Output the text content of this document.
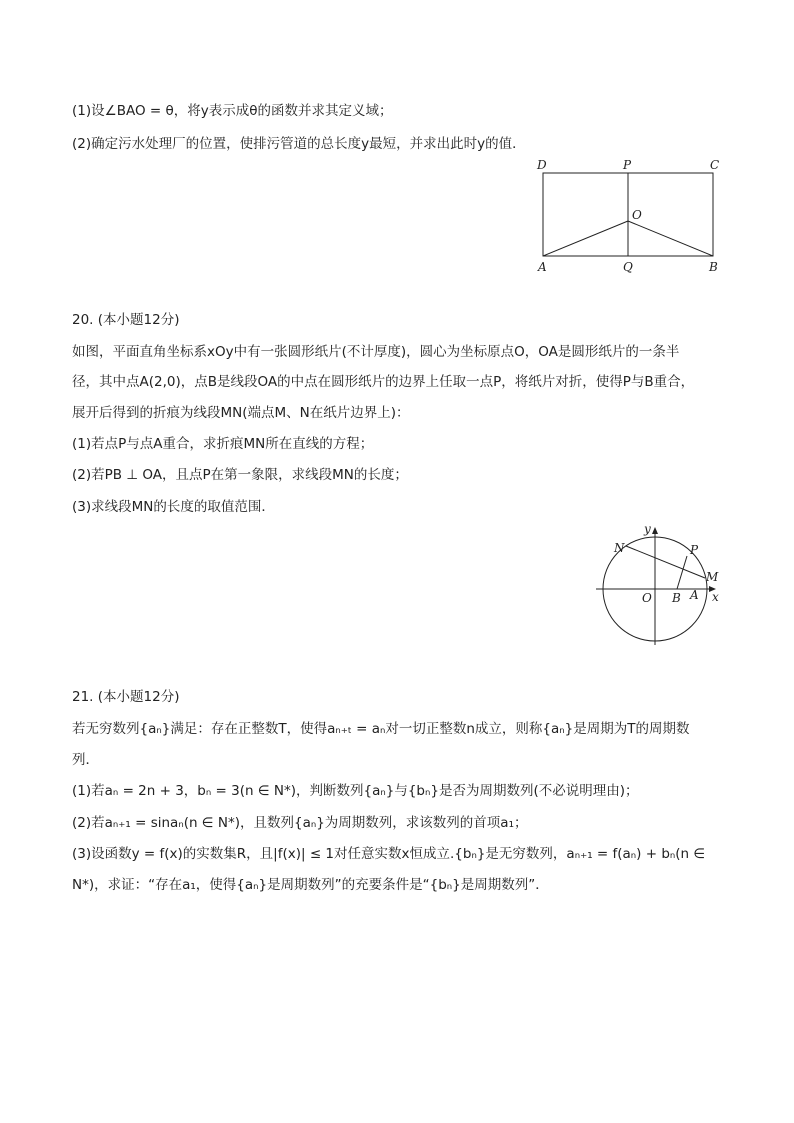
(1)设∠BAO = θ，将y表示成θ的函数并求其定义域；
(2)确定污水处理厂的位置，使排污管道的总长度y最短，并求出此时y的值．
D	P	C
O
A	Q	B
20. (本小题12分)
如图，平面直角坐标系xOy中有一张圆形纸片(不计厚度)，圆心为坐标原点O，OA是圆形纸片的一条半
径，其中点A(2,0)，点B是线段OA的中点在圆形纸片的边界上任取一点P，将纸片对折，使得P与B重合，
展开后得到的折痕为线段MN(端点M、N在纸片边界上)：
(1)若点P与点A重合，求折痕MN所在直线的方程；
(2)若PB ⊥ OA，且点P在第一象限，求线段MN的长度；
(3)求线段MN的长度的取值范围．
y
x
N	P
M
O B A
21. (本小题12分)
若无穷数列{aₙ}满足：存在正整数T，使得aₙ₊ₜ = aₙ对一切正整数n成立，则称{aₙ}是周期为T的周期数
列．
(1)若aₙ = 2n + 3，bₙ = 3(n ∈ N*)，判断数列{aₙ}与{bₙ}是否为周期数列(不必说明理由)；
(2)若aₙ₊₁ = sinaₙ(n ∈ N*)，且数列{aₙ}为周期数列，求该数列的首项a₁；
(3)设函数y = f(x)的实数集R，且|f(x)| ≤ 1对任意实数x恒成立.{bₙ}是无穷数列，aₙ₊₁ = f(aₙ) + bₙ(n ∈
N*)，求证：“存在a₁，使得{aₙ}是周期数列”的充要条件是“{bₙ}是周期数列”．
